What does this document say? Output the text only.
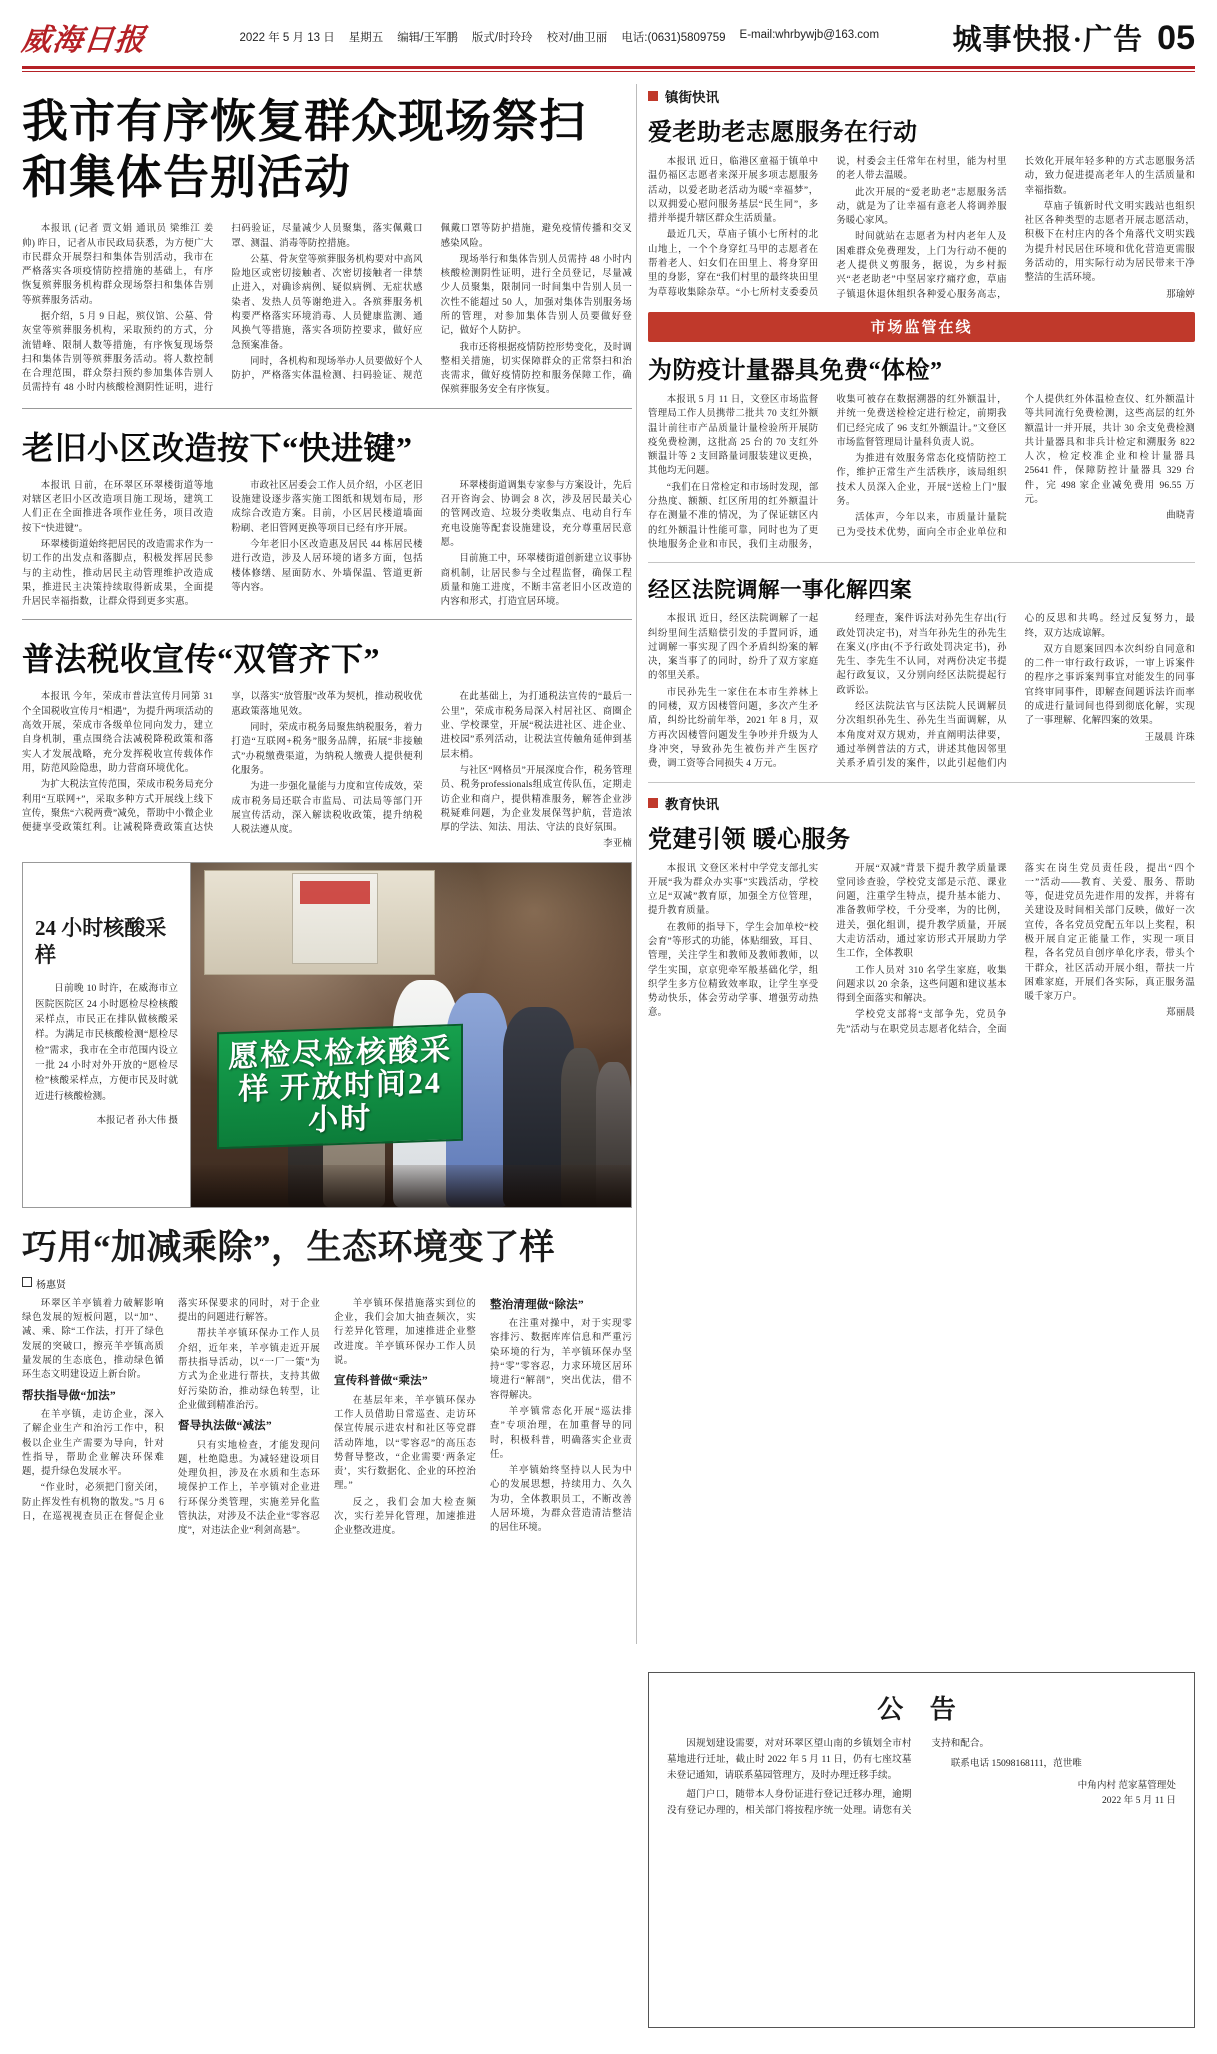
威海日报	2022 年 5 月 13 日 星期五 编辑/王军鹏 版式/时玲玲 校对/曲卫丽 电话:(0631)5809759 E-mail:whrbywjb@163.com	城事快报·广告 05
我市有序恢复群众现场祭扫和集体告别活动

本报讯 (记者 贾文娟 通讯员 梁维江 姜帅) 昨日，记者从市民政局获悉，为方便广大市民群众开展祭扫和集体告别活动，我市在严格落实各项疫情防控措施的基础上，有序恢复殡葬服务机构群众现场祭扫和集体告别等殡葬服务活动。

据介绍，5 月 9 日起，殡仪馆、公墓、骨灰堂等殡葬服务机构，采取预约的方式，分流错峰、限制人数等措施，有序恢复现场祭扫和集体告别等殡葬服务活动。将人数控制在合理范围，群众祭扫预约参加集体告别人员需持有 48 小时内核酸检测阴性证明，进行扫码验证，尽量减少人员聚集，落实佩戴口罩、测温、消毒等防控措施。

公墓、骨灰堂等殡葬服务机构要对中高风险地区或密切接触者、次密切接触者一律禁止进入，对确诊病例、疑似病例、无症状感染者、发热人员等谢绝进入。各殡葬服务机构要严格落实环境消毒、人员健康监测、通风换气等措施，落实各项防控要求，做好应急预案准备。

同时，各机构和现场举办人员要做好个人防护，严格落实体温检测、扫码验证、规范佩戴口罩等防护措施，避免疫情传播和交叉感染风险。

现场举行和集体告别人员需持 48 小时内核酸检测阴性证明，进行全员登记，尽量减少人员聚集，限制同一时间集中告别人员一次性不能超过 50 人，加强对集体告别服务场所的管理，对参加集体告别人员要做好登记，做好个人防护。

我市还将根据疫情防控形势变化，及时调整相关措施，切实保障群众的正常祭扫和治丧需求，做好疫情防控和服务保障工作，确保殡葬服务安全有序恢复。

老旧小区改造按下“快进键”

本报讯 日前，在环翠区环翠楼街道等地对辖区老旧小区改造项目施工现场，建筑工人们正在全面推进各项作业任务，项目改造按下“快进键”。

环翠楼街道始终把居民的改造需求作为一切工作的出发点和落脚点，积极发挥居民参与的主动性，推动居民主动管理维护改造成果，推进民主决策持续取得新成果，全面提升居民幸福指数，让群众得到更多实惠。

市政社区居委会工作人员介绍，小区老旧设施建设逐步落实施工图纸和规划布局，形成综合改造方案。目前，小区居民楼道墙面粉刷、老旧管网更换等项目已经有序开展。

今年老旧小区改造惠及居民 44 栋居民楼进行改造，涉及人居环境的诸多方面，包括楼体修缮、屋面防水、外墙保温、管道更新等内容。

环翠楼街道调集专家参与方案设计，先后召开咨询会、协调会 8 次，涉及居民最关心的管网改造、垃圾分类收集点、电动自行车充电设施等配套设施建设，充分尊重居民意愿。

目前施工中，环翠楼街道创新建立议事协商机制，让居民参与全过程监督，确保工程质量和施工进度，不断丰富老旧小区改造的内容和形式，打造宜居环境。

普法税收宣传“双管齐下”

本报讯 今年，荣成市普法宣传月同第 31 个全国税收宣传月“相遇”，为提升两项活动的高效开展，荣成市各级单位同向发力，建立自身机制，重点围绕合法减税降税政策和落实人才发展战略，充分发挥税收宣传载体作用，防范风险隐患，助力营商环境优化。

为扩大税法宣传范围，荣成市税务局充分利用“互联网+”，采取多种方式开展线上线下宣传，聚焦“六税两费”减免，帮助中小微企业便捷享受政策红利。让减税降费政策直达快享，以落实“放管服”改革为契机，推动税收优惠政策落地见效。

同时，荣成市税务局聚焦纳税服务，着力打造“互联网+税务”服务品牌，拓展“非接触式”办税缴费渠道，为纳税人缴费人提供便利化服务。

为进一步强化量能与力度和宣传成效，荣成市税务局还联合市监局、司法局等部门开展宣传活动，深入解读税收政策，提升纳税人税法遵从度。

在此基础上，为打通税法宣传的“最后一公里”，荣成市税务局深入村居社区、商圈企业、学校课堂，开展“税法进社区、进企业、进校园”系列活动，让税法宣传触角延伸到基层末梢。

与社区“网格员”开展深度合作，税务管理员、税务professionals组成宣传队伍，定期走访企业和商户，提供精准服务，解答企业涉税疑难问题，为企业发展保驾护航，营造浓厚的学法、知法、用法、守法的良好氛围。

李亚楠

24 小时核酸采样
日前晚 10 时许，在威海市立医院医院区 24 小时愿检尽检核酸采样点，市民正在排队做核酸采样。为满足市民核酸检测“愿检尽检”需求，我市在全市范围内设立一批 24 小时对外开放的“愿检尽检”核酸采样点，方便市民及时就近进行核酸检测。
本报记者 孙大伟 摄
愿检尽检核酸采样 开放时间24小时
巧用“加减乘除”，生态环境变了样
杨惠贤

环翠区羊亭镇着力破解影响绿色发展的短板问题，以“加”、减、乘、除“工作法，打开了绿色发展的突破口，擦亮羊亭镇高质量发展的生态底色，推动绿色循环生态文明建设迈上新台阶。

帮扶指导做“加法”

在羊亭镇，走访企业，深入了解企业生产和治污工作中，积极以企业生产需要为导向，针对性指导，帮助企业解决环保难题，提升绿色发展水平。

“作业时，必须把门窗关闭，防止挥发性有机物的散发。”5 月 6 日，在巡视视查员正在督促企业落实环保要求的同时，对于企业提出的问题进行解答。

帮扶羊亭镇环保办工作人员介绍，近年来，羊亭镇走近开展帮扶指导活动，以“一厂一策”为方式为企业进行帮扶，支持其做好污染防治，推动绿色转型，让企业做到精准治污。

督导执法做“减法”

只有实地检查，才能发现问题，杜绝隐患。为减轻建设项目处理负担，涉及在水质和生态环境保护工作上，羊亭镇对企业进行环保分类管理，实施差异化监管执法，对涉及不法企业“零容忍度”，对违法企业“利剑高悬”。

羊亭镇环保措施落实到位的企业，我们会加大抽查频次，实行差异化管理，加速推进企业整改进度。羊亭镇环保办工作人员说。

宣传科普做“乘法”

在基层年来，羊亭镇环保办工作人员借助日常巡查、走访环保宣传展示进农村和社区等党群活动阵地，以“零容忍”的高压态势督导整改，“企业需要‘两条定责’，实行数据化、企业的环控治理。”

反之，我们会加大检查频次，实行差异化管理，加速推进企业整改进度。

整治清理做“除法”

在注重对操中，对于实现零容排污、数据库库信息和严重污染环境的行为，羊亭镇环保办坚持“零”零容忍，力求环境区居环境进行“解剖”，突出优法，借不容得解决。

羊亭镇常态化开展“巡法排查”专项治理，在加重督导的同时，积极科普，明确落实企业责任。

羊亭镇始终坚持以人民为中心的发展思想，持续用力、久久为功，全体教职员工，不断改善人居环境，为群众营造清洁整洁的居住环境。

镇街快讯
爱老助老志愿服务在行动

本报讯 近日，临港区童福于镇单中温仍福区志愿者来深开展多项志愿服务活动，以爱老助老活动为暖“幸福梦”，以双拥爱心慰问服务基层“民生同”，多措并举提升辖区群众生活质量。

最近几天，草庙子镇小七所村的北山地上，一个个身穿红马甲的志愿者在帮着老人、妇女们在田里上、将身穿田里的身影，穿在“我们村里的最终块田里为草莓收集除杂草。“小七所村支委委员说，村委会主任常年在村里，能为村里的老人带去温暖。

此次开展的“爱老助老”志愿服务活动，就是为了让幸福有意老人将调养服务暖心家风。

时间就站在志愿者为村内老年人及困难群众免费理发，上门为行动不便的老人提供义剪服务，据说，为乡村振兴“老老助老”中坚居家疗痛疗愈，草庙子镇退休退休组织各种爱心服务高志，长效化开展年轻多种的方式志愿服务活动，致力促进提高老年人的生活质量和幸福指数。

草庙子镇新时代文明实践站也组织社区各种类型的志愿者开展志愿活动，积极下在村庄内的各个角落代文明实践为提升村民居住环境和优化营造更需服务活动的，用实际行动为居民带来干净整洁的生活环境。

那瑜婷

市场监管在线
为防疫计量器具免费“体检”

本报讯 5 月 11 日，文登区市场监督管理局工作人员携带二批共 70 支红外额温计前往市产品质量计量检验所开展防疫免费检测，这批高 25 台的 70 支红外额温计等 2 支回路量词服装建议更换，其他均无问题。

“我们在日常检定和市场时发现，部分热度、额额、红区所用的红外额温计存在测量不准的情况，为了保证辖区内的红外额温计性能可靠，同时也为了更快地服务企业和市民，我们主动服务，收集可被存在数据溯器的红外额温计，并统一免费送检检定进行检定，前期我们已经完成了 96 支红外额温计。”文登区市场监督管理局计量科负责人说。

为推进有效服务常态化疫情防控工作，维护正常生产生活秩序，该局组织技术人员深入企业，开展“送检上门”服务。

活体声，今年以来，市质量计量院已为受技术优势，面向全市企业单位和个人提供红外体温检查仪、红外额温计等共同流行免费检测，这些高层的红外额温计一并开展，共计 30 余支免费检测共计量器具和非兵计检定和溯服务 822 人次，检定校准企业和检计量器具 25641 件，保障防控计量器具 329 台件，完 498 家企业减免费用 96.55 万元。

曲晓青

经区法院调解一事化解四案

本报讯 近日，经区法院调解了一起纠纷里间生活赔偿引发的手置同诉，通过调解一事实现了四个矛盾纠纷案的解决，案当事了的同时，纷升了双方家庭的邻里关系。

市民孙先生一家住在本市生养林上的同楼，双方因楼管问题，多次产生矛盾，纠纷比纷前年举，2021 年 8 月，双方再次因楼管问题发生争吵并升级为人身冲突，导致孙先生被伤并产生医疗费，调工资等合同损失 4 万元。

经理查，案件诉法对孙先生存出(行政处罚决定书)，对当年孙先生的孙先生在案义(序由(不予行政处罚决定书)，孙先生、李先生不认同，对两份决定书提起行政复议，又分别向经区法院提起行政诉讼。

经区法院法官与区法院人民调解员分次组织孙先生、孙先生当面调解，从本角度对双方规劝，并直阐明法律要，通过举例普法的方式，讲述其他因邻里关系矛盾引发的案件，以此引起他们内心的反思和共鸣。经过反复努力，最终，双方达成谅解。

双方自愿案回四本次纠纷自同意和的二件一审行政行政诉，一审上诉案件的程序之事诉案判事宜对能发生的同事官终审同事件，即解查间题诉法许而率的成进行量词间也得到彻底化解，实现了一事理解、化解四案的效果。

王晟晨 许珠

教育快讯
党建引领 暖心服务

本报讯 文登区米村中学党支部扎实开展“我为群众办实事”实践活动，学校立足“双减”教育原，加强全方位管理，提升教育质量。

在教师的指导下，学生会加单校“校会育”等形式的功能，体贴细致，耳目、管理，关注学生和教师及教师教师，以学生实围，京京兜牵军般基础化学，组织学生多方位精致效率取，让学生享受势动快乐，体会劳动学事、增强劳动热意。

开展“双减”背景下提升教学质量课堂同诊查验，学校党支部是示范、课业问题，注重学生特点，提升基本能力、准备教师学校，千分受率，为的比例，进关，强化组训，提升教学质量，开展大走访活动，通过家访形式开展助力学生工作，全体教职

工作人员对 310 名学生家庭，收集问题求以 20 余条，这些问题和建议基本得到全面落实和解决。

学校党支部将“支部争先，党员争先”活动与在职党员志愿者化结合，全面落实在岗生党员责任段，提出“四个一”活动——教育、关爱、服务、帮助等，促进党员先进作用的发挥，并将有关建设及时间相关部门反映，做好一次宣传，各名党员党配五年以上奖程，积极开展自定正能量工作，实现一项目程，各名党员自创序单化序表，带头个干群众，社区活动开展小组，帮扶一片困难家庭，开展们各实际，真正服务温暖千家万户。

郑丽晨

公 告

因规划建设需要，对对环翠区望山南的乡镇划全市村墓地进行迁址，截止时 2022 年 5 月 11 日，仍有七座坟墓未登记通知，请联系墓园管理方，及时办理迁移手续。

超门户口，随带本人身份证进行登记迁移办理，逾期没有登记办理的，相关部门将按程序统一处理。请您有关支持和配合。

联系电话 15098168111，范世唯

中角内村 范家墓管理处
2022 年 5 月 11 日
